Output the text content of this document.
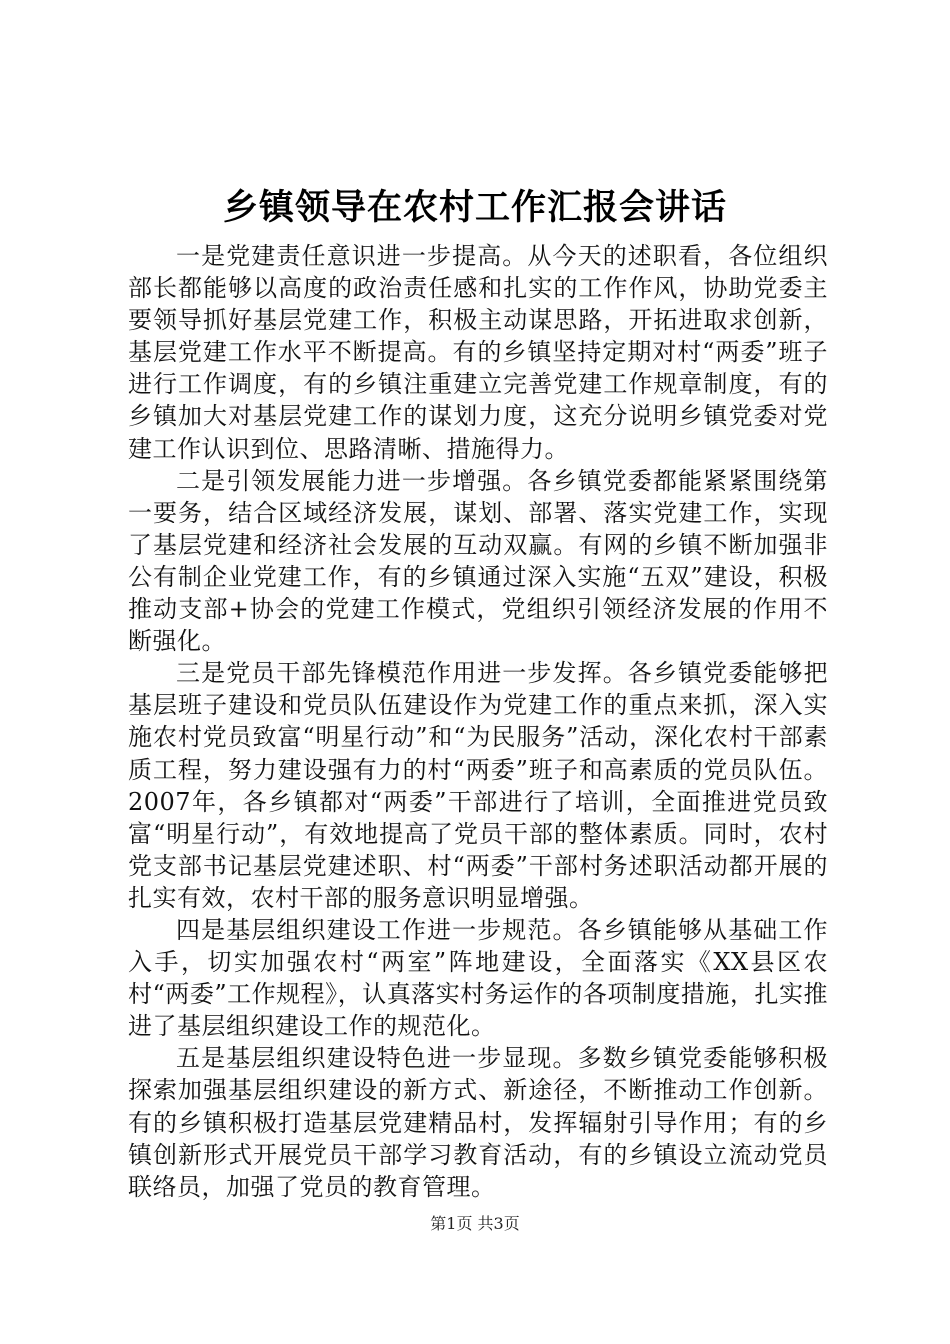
乡镇领导在农村工作汇报会讲话

一是党建责任意识进一步提高。从今天的述职看，各位组织部长都能够以高度的政治责任感和扎实的工作作风，协助党委主要领导抓好基层党建工作，积极主动谋思路，开拓进取求创新，基层党建工作水平不断提高。有的乡镇坚持定期对村“两委”班子进行工作调度，有的乡镇注重建立完善党建工作规章制度，有的乡镇加大对基层党建工作的谋划力度，这充分说明乡镇党委对党建工作认识到位、思路清晰、措施得力。

二是引领发展能力进一步增强。各乡镇党委都能紧紧围绕第一要务，结合区域经济发展，谋划、部署、落实党建工作，实现了基层党建和经济社会发展的互动双赢。有网的乡镇不断加强非公有制企业党建工作，有的乡镇通过深入实施“五双”建设，积极推动支部+协会的党建工作模式，党组织引领经济发展的作用不断强化。

三是党员干部先锋模范作用进一步发挥。各乡镇党委能够把基层班子建设和党员队伍建设作为党建工作的重点来抓，深入实施农村党员致富“明星行动”和“为民服务”活动，深化农村干部素质工程，努力建设强有力的村“两委”班子和高素质的党员队伍。2007年，各乡镇都对“两委”干部进行了培训，全面推进党员致富“明星行动”，有效地提高了党员干部的整体素质。同时，农村党支部书记基层党建述职、村“两委”干部村务述职活动都开展的扎实有效，农村干部的服务意识明显增强。

四是基层组织建设工作进一步规范。各乡镇能够从基础工作入手，切实加强农村“两室”阵地建设，全面落实《XX县区农村“两委”工作规程》，认真落实村务运作的各项制度措施，扎实推进了基层组织建设工作的规范化。

五是基层组织建设特色进一步显现。多数乡镇党委能够积极探索加强基层组织建设的新方式、新途径，不断推动工作创新。有的乡镇积极打造基层党建精品村，发挥辐射引导作用；有的乡镇创新形式开展党员干部学习教育活动，有的乡镇设立流动党员联络员，加强了党员的教育管理。

第1页 共3页
